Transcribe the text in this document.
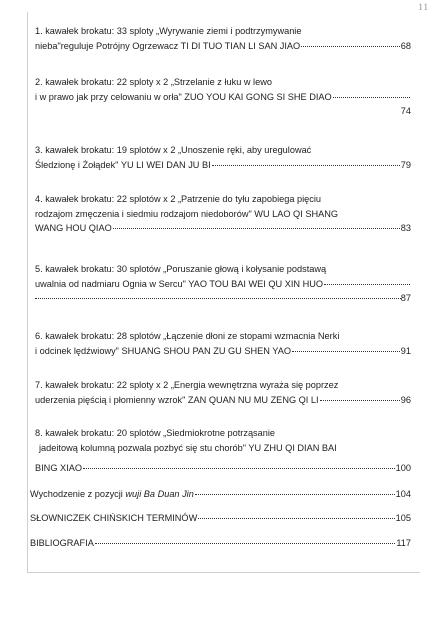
11
1. kawałek brokatu: 33 sploty „Wyrywanie ziemi i podtrzymywanie
nieba"reguluje Potrójny Ogrzewacz TI DI TUO TIAN LI SAN JIAO	68
2. kawałek brokatu: 22 sploty x 2 „Strzelanie z łuku w lewo
i w prawo jak przy celowaniu w orła" ZUO YOU KAI GONG SI SHE DIAO
74
3. kawałek brokatu: 19 splotów x 2 „Unoszenie ręki, aby uregulować
Śledzionę i Żołądek" YU LI WEI DAN JU BI	79
4. kawałek brokatu: 22 splotów x 2 „Patrzenie do tyłu zapobiega pięciu
rodzajom zmęczenia i siedmiu rodzajom niedoborów" WU LAO QI SHANG
WANG HOU QIAO	83
5. kawałek brokatu: 30 splotów „Poruszanie głową i kołysanie podstawą
uwalnia od nadmiaru Ognia w Sercu" YAO TOU BAI WEI QU XIN HUO
87
6. kawałek brokatu: 28 splotów „Łączenie dłoni ze stopami wzmacnia Nerki
i odcinek lędźwiowy" SHUANG SHOU PAN ZU GU SHEN YAO	91
7. kawałek brokatu: 22 sploty x 2 „Energia wewnętrzna wyraża się poprzez
uderzenia pięścią i płomienny wzrok" ZAN QUAN NU MU ZENG QI LI	96
8. kawałek brokatu: 20 splotów „Siedmiokrotne potrząsanie
jadeitową kolumną pozwala pozbyć się stu chorób" YU ZHU QI DIAN BAI
BING XIAO	100
Wychodzenie z pozycji wuji Ba Duan Jin	104
SŁOWNICZEK CHIŃSKICH TERMINÓW	105
BIBLIOGRAFIA	117
